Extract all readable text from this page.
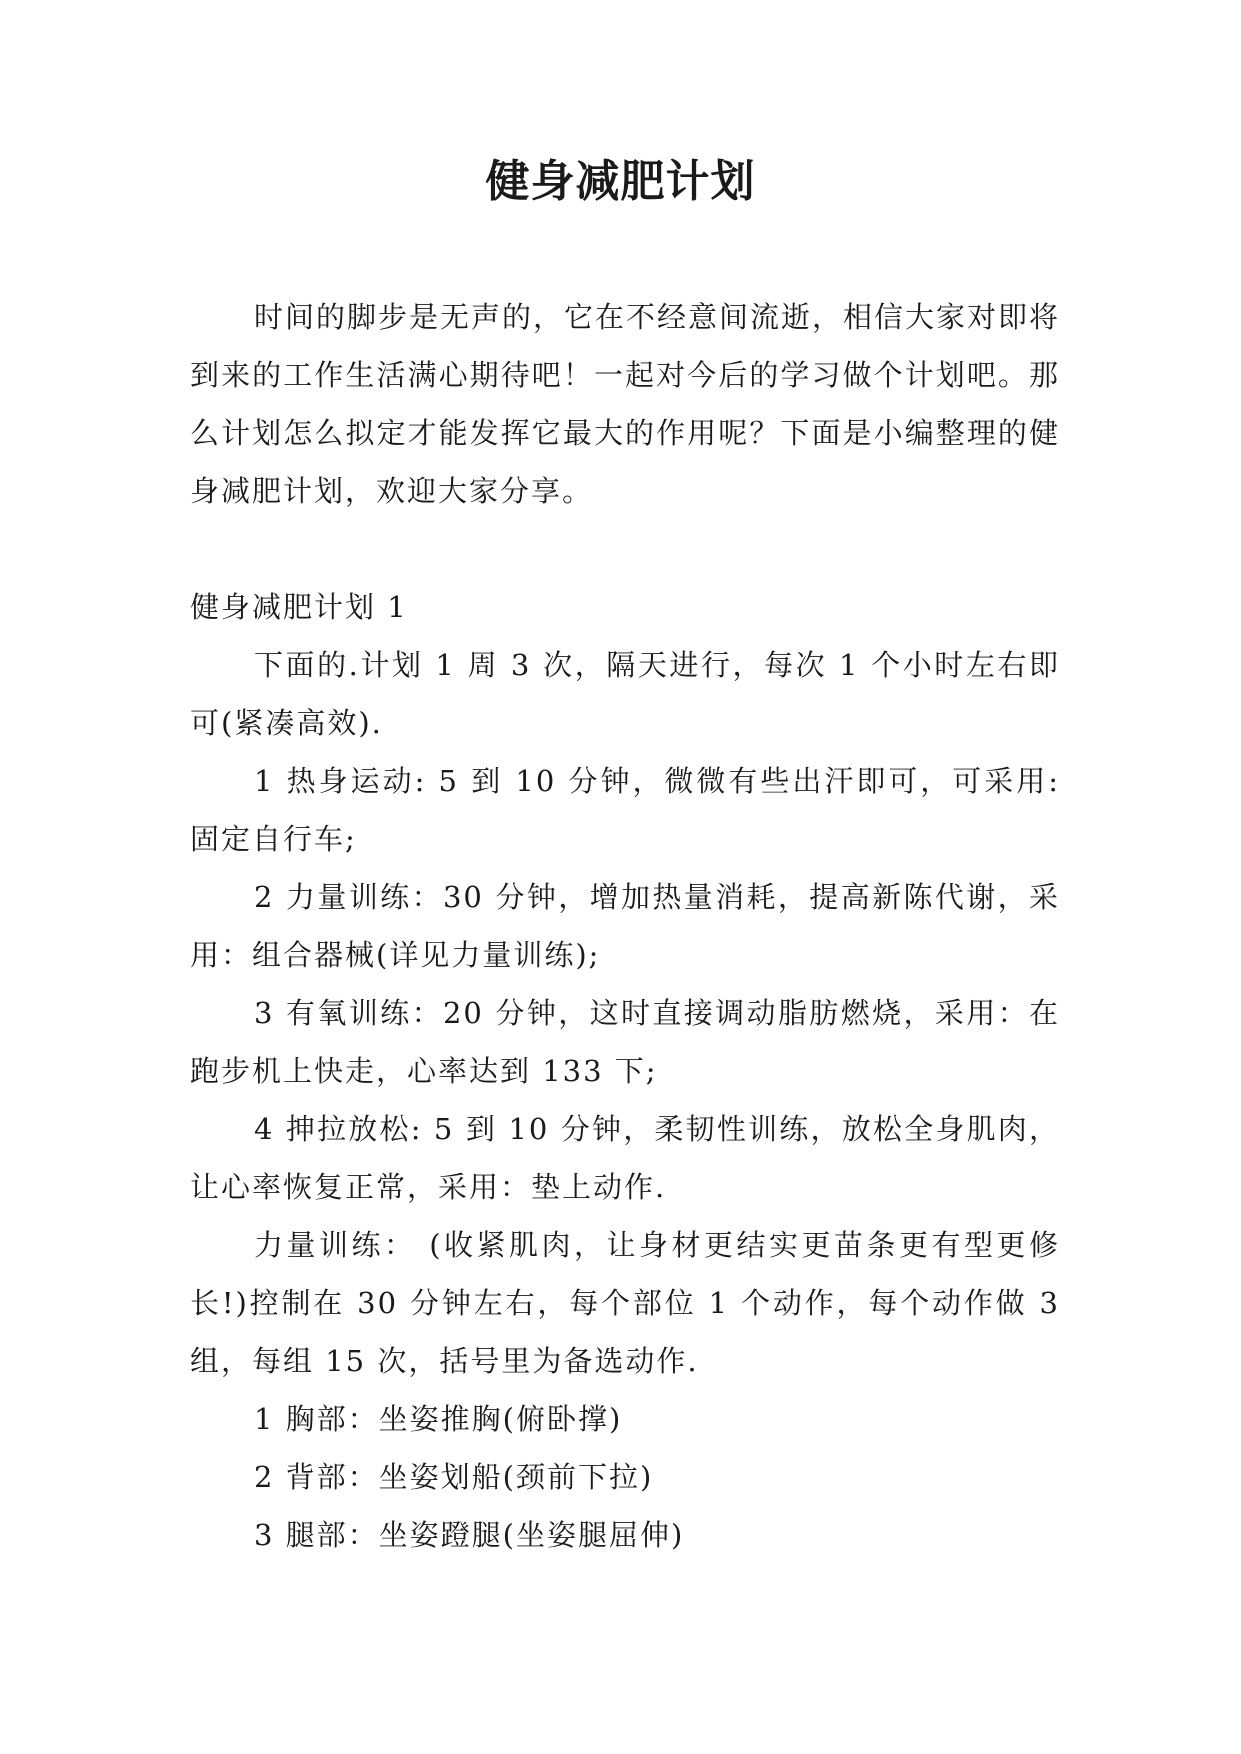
健身减肥计划

时间的脚步是无声的，它在不经意间流逝，相信大家对即将到来的工作生活满心期待吧！一起对今后的学习做个计划吧。那么计划怎么拟定才能发挥它最大的作用呢？下面是小编整理的健身减肥计划，欢迎大家分享。

健身减肥计划 1

下面的.计划 1 周 3 次，隔天进行，每次 1 个小时左右即可(紧凑高效).

1 热身运动: 5 到 10 分钟，微微有些出汗即可，可采用:固定自行车;

2 力量训练：30 分钟，增加热量消耗，提高新陈代谢，采用：组合器械(详见力量训练);

3 有氧训练：20 分钟，这时直接调动脂肪燃烧，采用：在跑步机上快走，心率达到 133 下;

4 抻拉放松: 5 到 10 分钟，柔韧性训练，放松全身肌肉，让心率恢复正常，采用：垫上动作.

力量训练： (收紧肌肉，让身材更结实更苗条更有型更修长!)控制在 30 分钟左右，每个部位 1 个动作，每个动作做 3 组，每组 15 次，括号里为备选动作.

1 胸部：坐姿推胸(俯卧撑)

2 背部：坐姿划船(颈前下拉)

3 腿部：坐姿蹬腿(坐姿腿屈伸)
